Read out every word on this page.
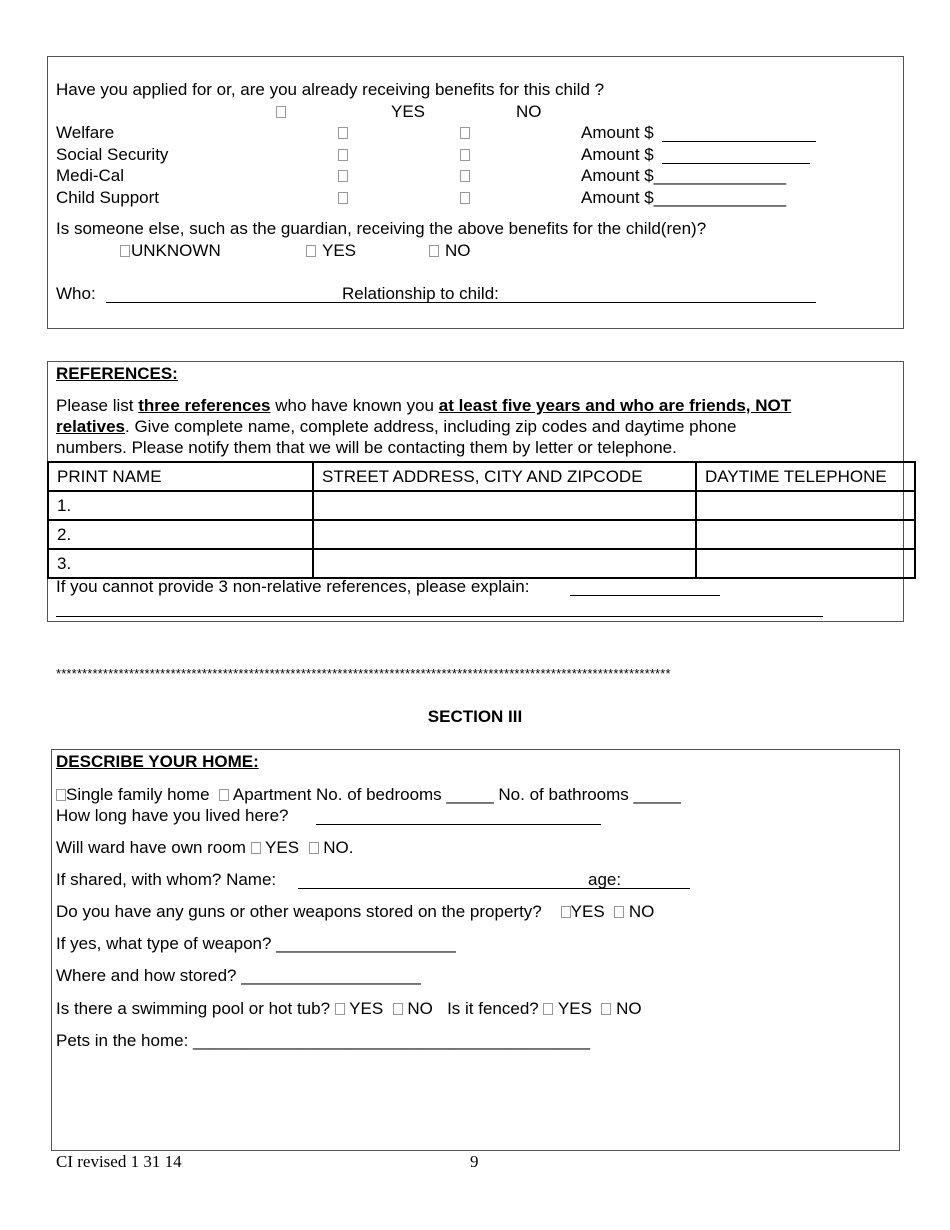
Have you applied for or, are you already receiving benefits for this child ?
YES	NO
Welfare	Amount $
Social Security	Amount $
Medi-Cal	Amount $______________
Child Support	Amount $______________
Is someone else, such as the guardian, receiving the above benefits for the child(ren)?
UNKNOWN	YES	NO
Who:	Relationship to child:
REFERENCES:
Please list three references who have known you at least five years and who are friends, NOT
relatives. Give complete name, complete address, including zip codes and daytime phone
numbers. Please notify them that we will be contacting them by letter or telephone.
PRINT NAME	STREET ADDRESS, CITY AND ZIPCODE	DAYTIME TELEPHONE
1.		
2.		
3.		
If you cannot provide 3 non-relative references, please explain:
**********************************************************************************************************************
SECTION III
DESCRIBE YOUR HOME:
Single family home   Apartment No. of bedrooms _____ No. of bathrooms _____
How long have you lived here?
Will ward have own room  YES   NO.
If shared, with whom? Name:	age:
Do you have any guns or other weapons stored on the property? YES   NO
If yes, what type of weapon? ___________________
Where and how stored? ___________________
Is there a swimming pool or hot tub?  YES   NO Is it fenced?  YES   NO
Pets in the home: __________________________________________
CI revised 1 31 14	9
